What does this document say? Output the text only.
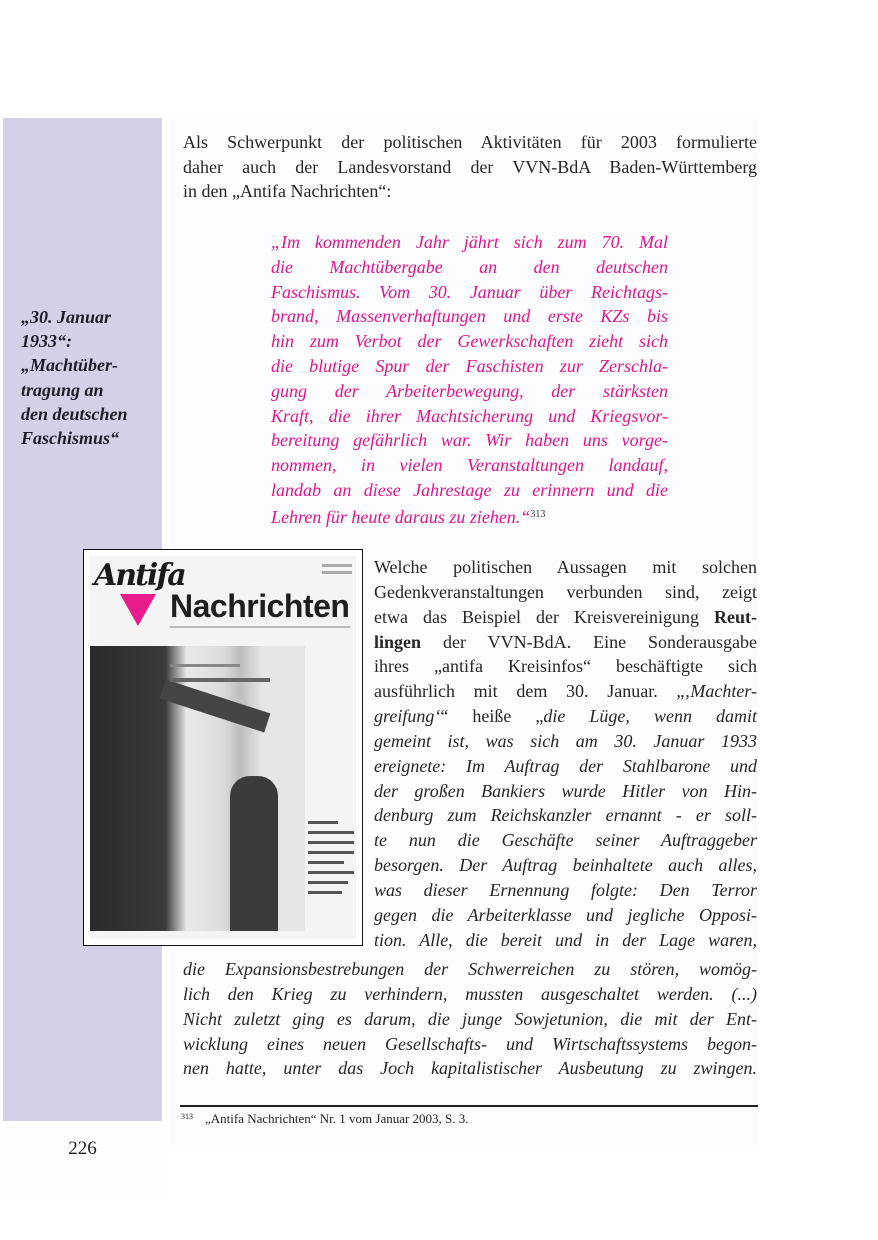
„30. Januar
1933“:
„Machtüber-
tragung an
den deutschen
Faschismus“
Als Schwerpunkt der politischen Aktivitäten für 2003 formulierte
daher auch der Landesvorstand der VVN-BdA Baden-Württemberg
in den „Antifa Nachrichten“:
„Im kommenden Jahr jährt sich zum 70. Mal
die Machtübergabe an den deutschen
Faschismus. Vom 30. Januar über Reichtags-
brand, Massenverhaftungen und erste KZs bis
hin zum Verbot der Gewerkschaften zieht sich
die blutige Spur der Faschisten zur Zerschla-
gung der Arbeiterbewegung, der stärksten
Kraft, die ihrer Machtsicherung und Kriegsvor-
bereitung gefährlich war. Wir haben uns vorge-
nommen, in vielen Veranstaltungen landauf,
landab an diese Jahrestage zu erinnern und die
Lehren für heute daraus zu ziehen.“$^{313}$
Antifa
Nachrichten
Welche politischen Aussagen mit solchen
Gedenkveranstaltungen verbunden sind, zeigt
etwa das Beispiel der Kreisvereinigung Reut-
lingen der VVN-BdA. Eine Sonderausgabe
ihres „antifa Kreisinfos“ beschäftigte sich
ausführlich mit dem 30. Januar. „‚Machter-
greifung‘“ heiße „die Lüge, wenn damit
gemeint ist, was sich am 30. Januar 1933
ereignete: Im Auftrag der Stahlbarone und
der großen Bankiers wurde Hitler von Hin-
denburg zum Reichskanzler ernannt - er soll-
te nun die Geschäfte seiner Auftraggeber
besorgen. Der Auftrag beinhaltete auch alles,
was dieser Ernennung folgte: Den Terror
gegen die Arbeiterklasse und jegliche Opposi-
tion. Alle, die bereit und in der Lage waren,
die Expansionsbestrebungen der Schwerreichen zu stören, womög-
lich den Krieg zu verhindern, mussten ausgeschaltet werden. (...)
Nicht zuletzt ging es darum, die junge Sowjetunion, die mit der Ent-
wicklung eines neuen Gesellschafts- und Wirtschaftssystems begon-
nen hatte, unter das Joch kapitalistischer Ausbeutung zu zwingen.
$^{313}$ „Antifa Nachrichten“ Nr. 1 vom Januar 2003, S. 3.
226
